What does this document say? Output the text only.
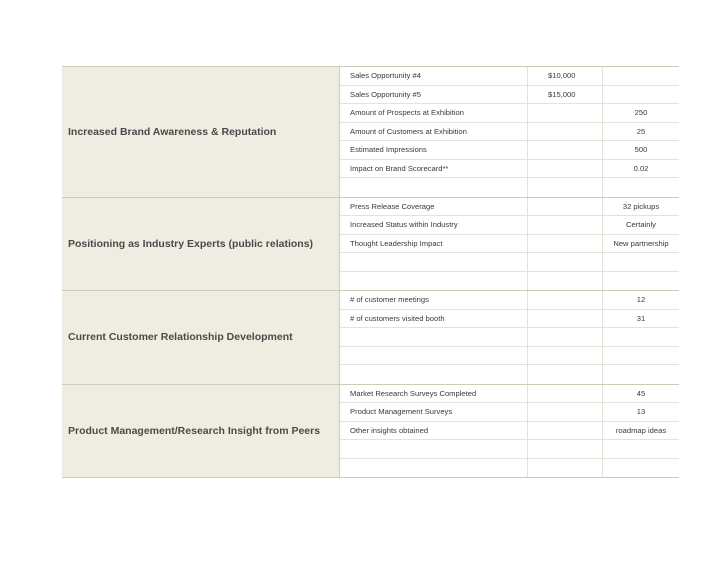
Increased Brand Awareness & Reputation
Sales Opportunity #4	$10,000
Sales Opportunity #5	$15,000
Amount of Prospects at Exhibition	250
Amount of Customers at Exhibition	25
Estimated Impressions	500
Impact on Brand Scorecard**	0.02
Positioning as Industry Experts (public relations)
Press Release Coverage	32 pickups
Increased Status within Industry	Certainly
Thought Leadership Impact	New partnership
Current Customer Relationship Development
# of customer meetings	12
# of customers visited booth	31
Product Management/Research Insight from Peers
Market Research Surveys Completed	45
Product Management Surveys	13
Other insights obtained	roadmap ideas
